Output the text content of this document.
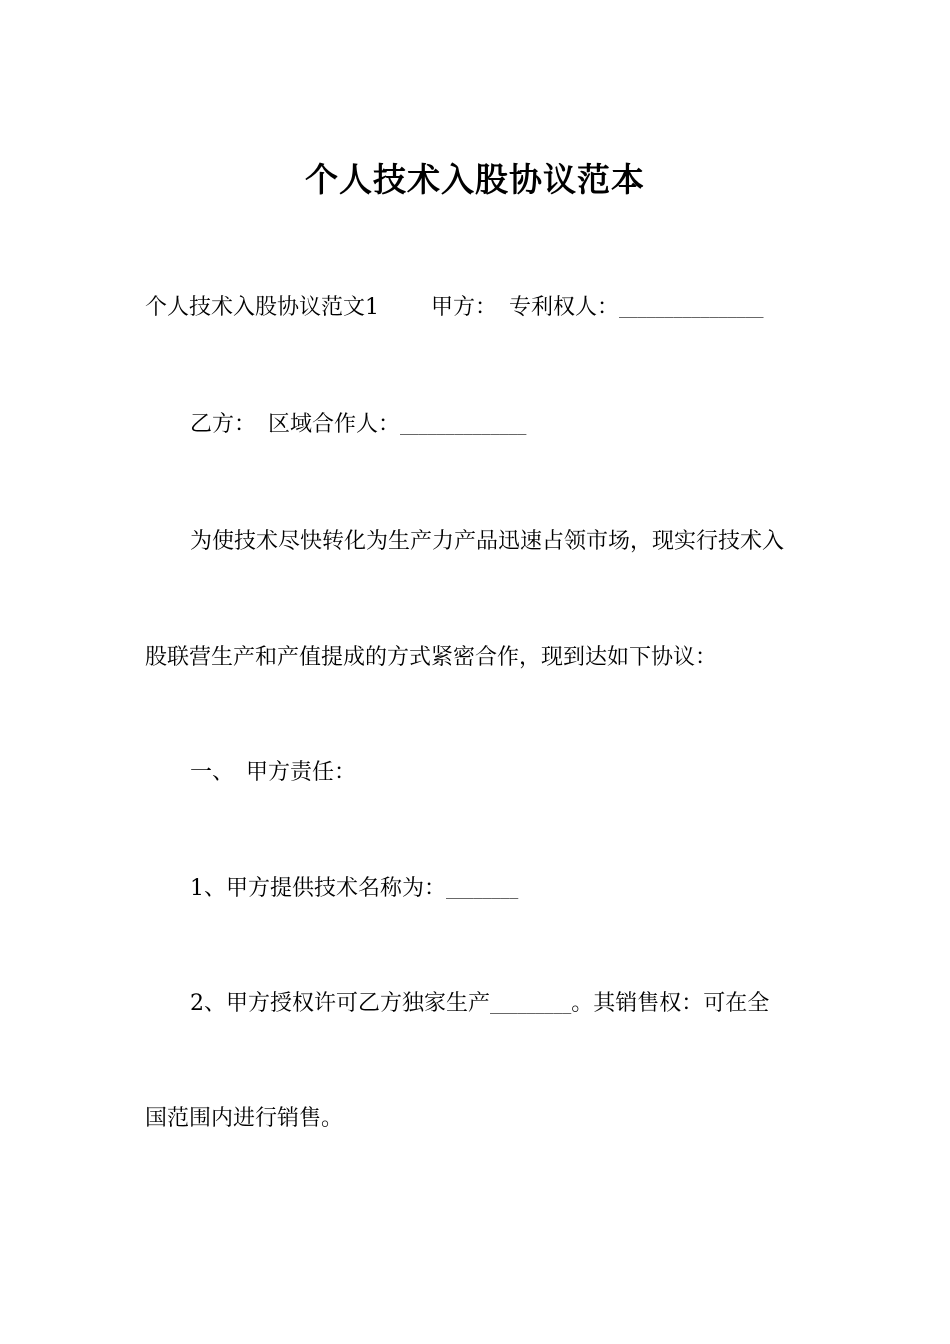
个人技术入股协议范本
个人技术入股协议范文1 甲方： 专利权人：________________
乙方： 区域合作人：______________
为使技术尽快转化为生产力产品迅速占领市场，现实行技术入
股联营生产和产值提成的方式紧密合作，现到达如下协议：
一、 甲方责任：
1、甲方提供技术名称为：________
2、甲方授权许可乙方独家生产_________。其销售权：可在全
国范围内进行销售。
